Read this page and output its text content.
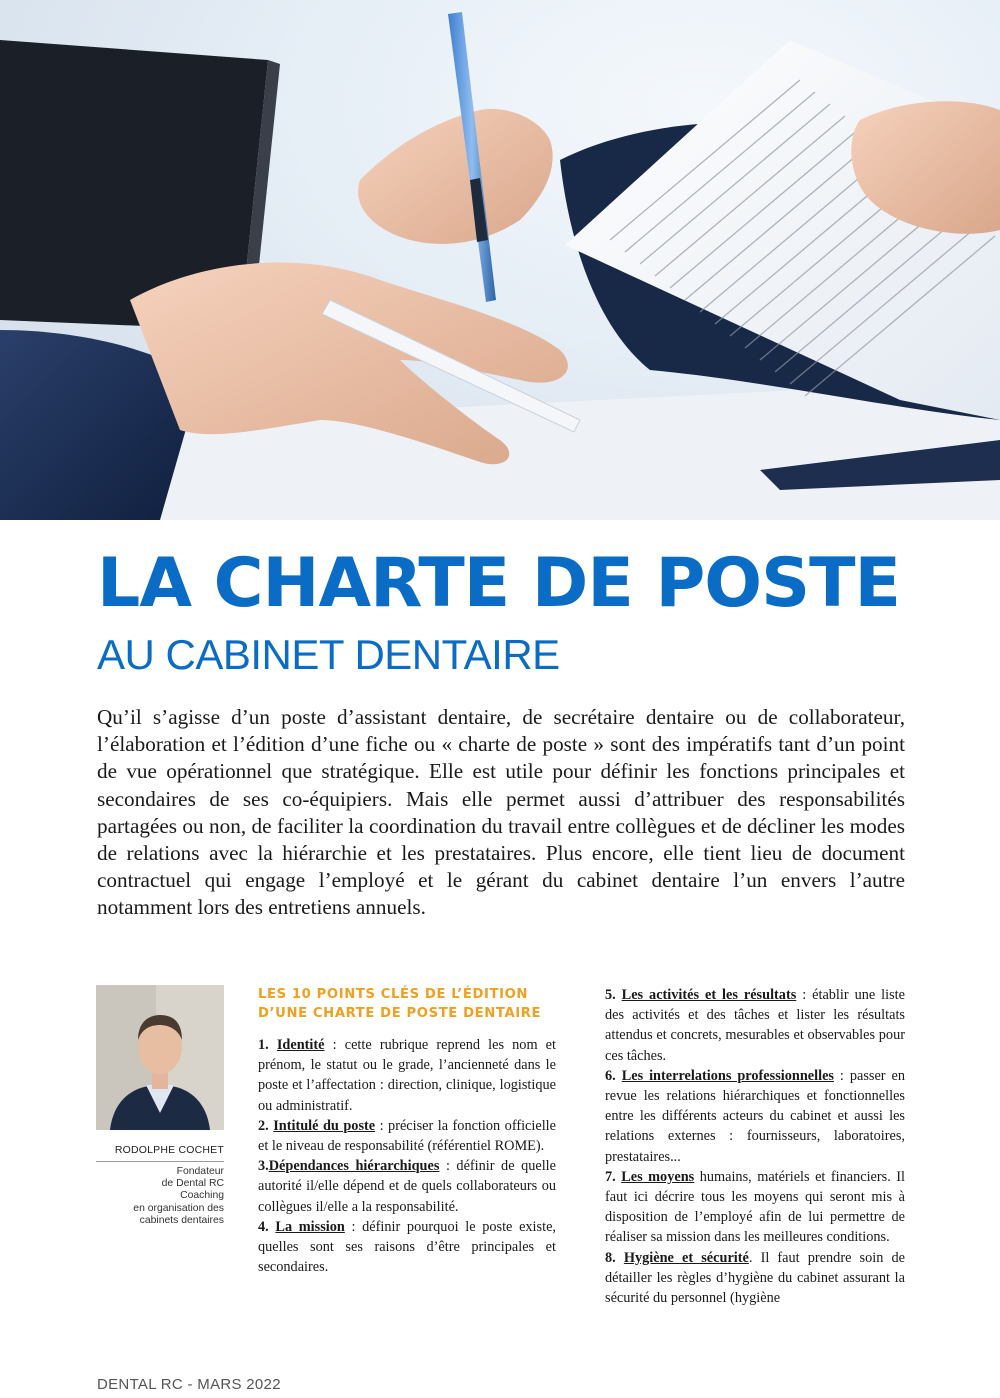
LA CHARTE DE POSTE
AU CABINET DENTAIRE

Qu’il s’agisse d’un poste d’assistant dentaire, de secrétaire dentaire ou de collaborateur, l’élaboration et l’édition d’une fiche ou « charte de poste » sont des impératifs tant d’un point de vue opérationnel que stratégique. Elle est utile pour définir les fonctions principales et secondaires de ses co-équipiers. Mais elle permet aussi d’attribuer des responsabilités partagées ou non, de faciliter la coordination du travail entre collègues et de décliner les modes de relations avec la hiérarchie et les prestataires. Plus encore, elle tient lieu de document contractuel qui engage l’employé et le gérant du cabinet dentaire l’un envers l’autre notamment lors des entretiens annuels.

RODOLPHE COCHET
Fondateur
de Dental RC
Coaching
en organisation des
cabinets dentaires
LES 10 POINTS CLÉS DE L’ÉDITION
D’UNE CHARTE DE POSTE DENTAIRE

1. Identité : cette rubrique reprend les nom et prénom, le statut ou le grade, l’ancienneté dans le poste et l’affectation : direction, clinique, logistique ou administratif.

2. Intitulé du poste : préciser la fonction officielle et le niveau de responsabilité (référentiel ROME).

3.Dépendances hiérarchiques : définir de quelle autorité il/elle dépend et de quels collaborateurs ou collègues il/elle a la responsabilité.

4. La mission : définir pourquoi le poste existe, quelles sont ses raisons d’être principales et secondaires.

5. Les activités et les résultats : établir une liste des activités et des tâches et lister les résultats attendus et concrets, mesurables et observables pour ces tâches.

6. Les interrelations professionnelles : passer en revue les relations hiérarchiques et fonctionnelles entre les différents acteurs du cabinet et aussi les relations externes : fournisseurs, laboratoires, prestataires...

7. Les moyens humains, matériels et financiers. Il faut ici décrire tous les moyens qui seront mis à disposition de l’employé afin de lui permettre de réaliser sa mission dans les meilleures conditions.

8. Hygiène et sécurité. Il faut prendre soin de détailler les règles d’hygiène du cabinet assurant la sécurité du personnel (hygiène

DENTAL RC - MARS 2022
